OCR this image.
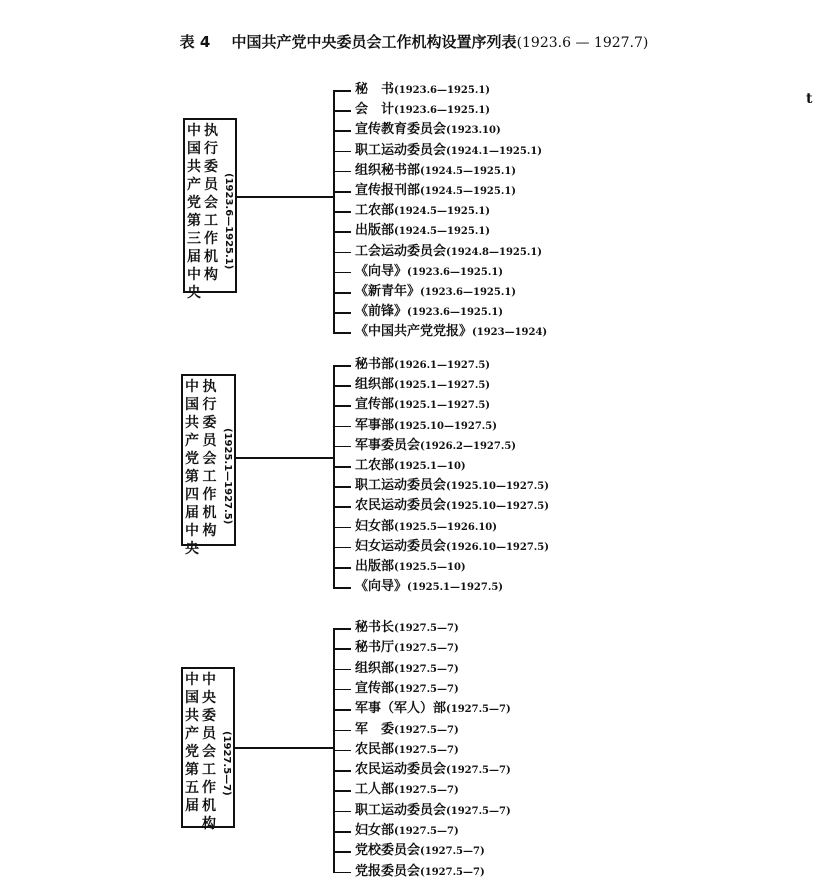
表 4 中国共产党中央委员会工作机构设置序列表(1923.6 — 1927.7)
t
中国共产党第三届中央
执行委员会工作机构
(1923.6—1925.1)
秘　书(1923.6—1925.1)
会　计(1923.6—1925.1)
宣传教育委员会(1923.10)
职工运动委员会(1924.1—1925.1)
组织秘书部(1924.5—1925.1)
宣传报刊部(1924.5—1925.1)
工农部(1924.5—1925.1)
出版部(1924.5—1925.1)
工会运动委员会(1924.8—1925.1)
《向导》(1923.6—1925.1)
《新青年》(1923.6—1925.1)
《前锋》(1923.6—1925.1)
《中国共产党党报》(1923—1924)
中国共产党第四届中央
执行委员会工作机构
(1925.1—1927.5)
秘书部(1926.1—1927.5)
组织部(1925.1—1927.5)
宣传部(1925.1—1927.5)
军事部(1925.10—1927.5)
军事委员会(1926.2—1927.5)
工农部(1925.1—10)
职工运动委员会(1925.10—1927.5)
农民运动委员会(1925.10—1927.5)
妇女部(1925.5—1926.10)
妇女运动委员会(1926.10—1927.5)
出版部(1925.5—10)
《向导》(1925.1—1927.5)
中国共产党第五届
中央委员会工作机构
(1927.5—7)
秘书长(1927.5—7)
秘书厅(1927.5—7)
组织部(1927.5—7)
宣传部(1927.5—7)
军事（军人）部(1927.5—7)
军　委(1927.5—7)
农民部(1927.5—7)
农民运动委员会(1927.5—7)
工人部(1927.5—7)
职工运动委员会(1927.5—7)
妇女部(1927.5—7)
党校委员会(1927.5—7)
党报委员会(1927.5—7)
